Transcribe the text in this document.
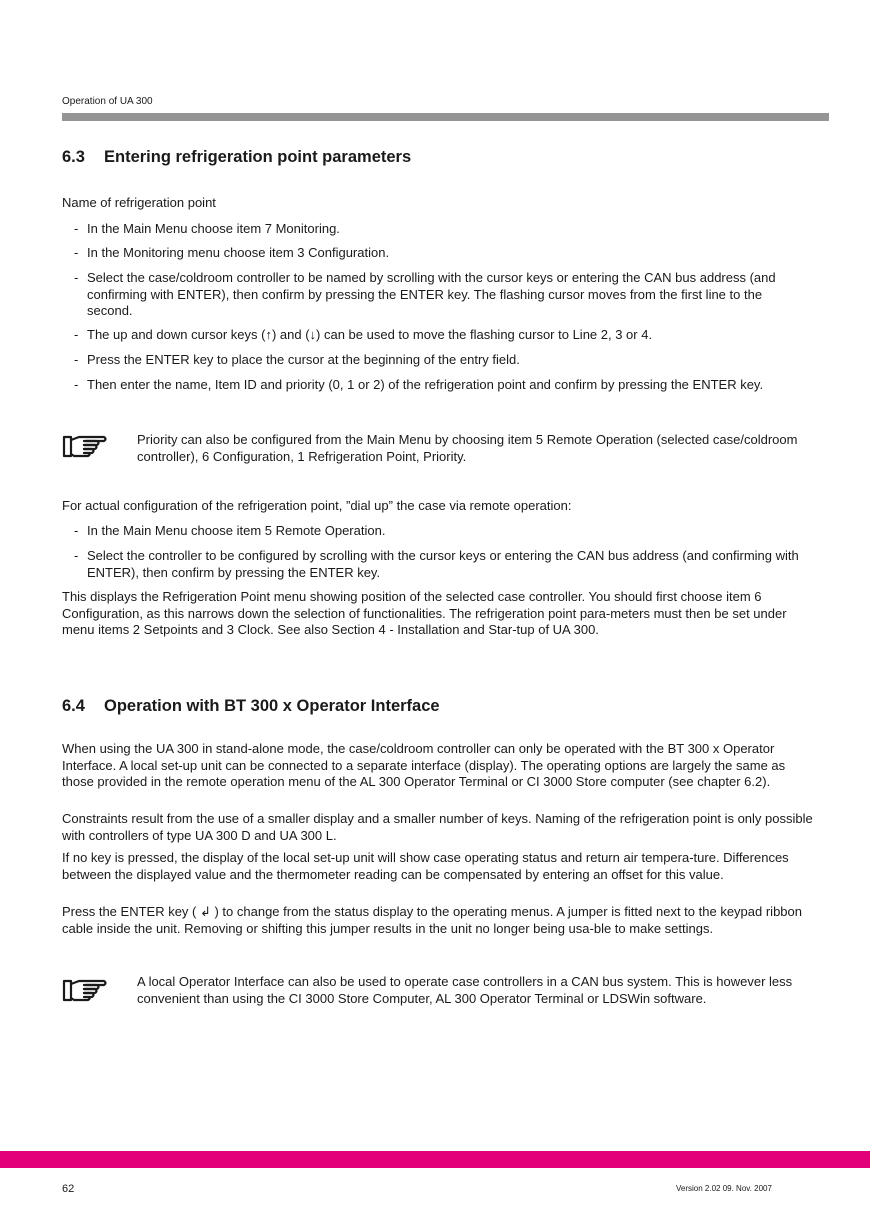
Operation of UA 300
6.3 Entering refrigeration point parameters

Name of refrigeration point

- In the Main Menu choose item 7 Monitoring.
- In the Monitoring menu choose item 3 Configuration.
- Select the case/coldroom controller to be named by scrolling with the cursor keys or entering the CAN bus address (and confirming with ENTER), then confirm by pressing the ENTER key. The flashing cursor moves from the first line to the second.
- The up and down cursor keys (↑) and (↓) can be used to move the flashing cursor to Line 2, 3 or 4.
- Press the ENTER key to place the cursor at the beginning of the entry field.
- Then enter the name, Item ID and priority (0, 1 or 2) of the refrigeration point and confirm by pressing the ENTER key.

Priority can also be configured from the Main Menu by choosing item 5 Remote Operation (selected case/coldroom controller), 6 Configuration, 1 Refrigeration Point, Priority.

For actual configuration of the refrigeration point, ”dial up” the case via remote operation:

- In the Main Menu choose item 5 Remote Operation.
- Select the controller to be configured by scrolling with the cursor keys or entering the CAN bus address (and confirming with ENTER), then confirm by pressing the ENTER key.

This displays the Refrigeration Point menu showing position of the selected case controller. You should first choose item 6 Configuration, as this narrows down the selection of functionalities. The refrigeration point para-meters must then be set under menu items 2 Setpoints and 3 Clock. See also Section 4 - Installation and Star-tup of UA 300.

6.4 Operation with BT 300 x Operator Interface

When using the UA 300 in stand-alone mode, the case/coldroom controller can only be operated with the BT 300 x Operator Interface. A local set-up unit can be connected to a separate interface (display). The operating options are largely the same as those provided in the remote operation menu of the AL 300 Operator Terminal or CI 3000 Store computer (see chapter 6.2).

Constraints result from the use of a smaller display and a smaller number of keys. Naming of the refrigeration point is only possible with controllers of type UA 300 D and UA 300 L.

If no key is pressed, the display of the local set-up unit will show case operating status and return air tempera-ture. Differences between the displayed value and the thermometer reading can be compensated by entering an offset for this value.

Press the ENTER key ( ↲ ) to change from the status display to the operating menus. A jumper is fitted next to the keypad ribbon cable inside the unit. Removing or shifting this jumper results in the unit no longer being usa-ble to make settings.

A local Operator Interface can also be used to operate case controllers in a CAN bus system. This is however less convenient than using the CI 3000 Store Computer, AL 300 Operator Terminal or LDSWin software.

62	Version 2.02 09. Nov. 2007
